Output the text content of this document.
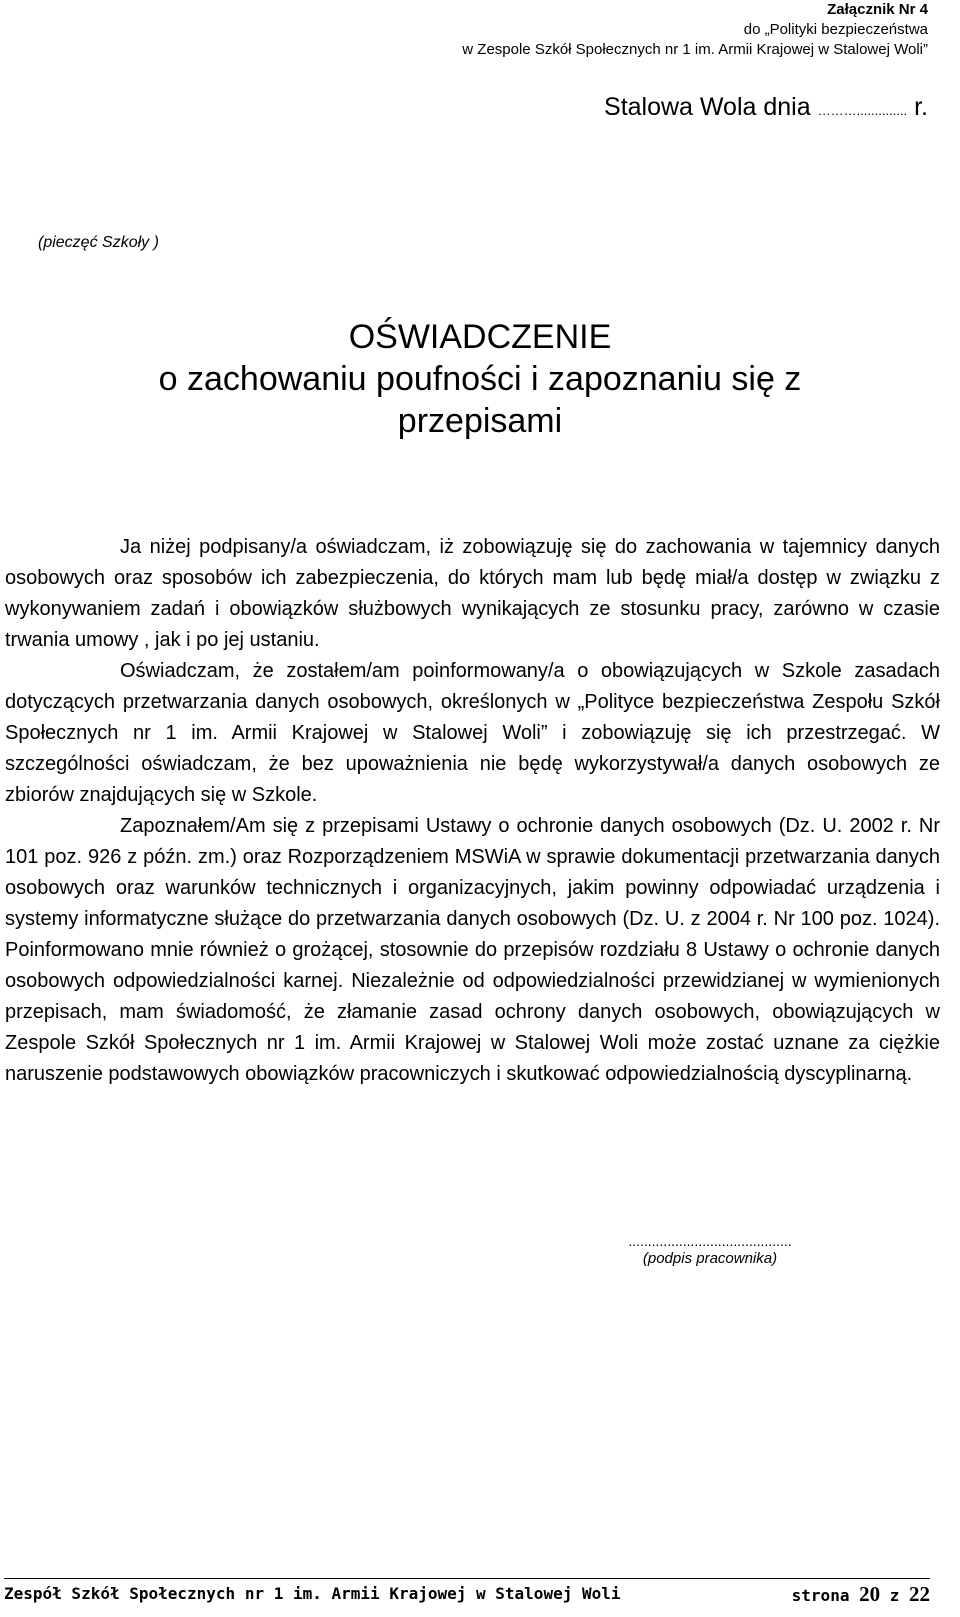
Załącznik Nr 4
do „Polityki bezpieczeństwa
w Zespole Szkół Społecznych nr 1 im. Armii Krajowej w Stalowej Woli”
Stalowa Wola dnia ……….............. r.
(pieczęć Szkoły )
OŚWIADCZENIE
o zachowaniu poufności i zapoznaniu się z
przepisami

Ja niżej podpisany/a oświadczam, iż zobowiązuję się do zachowania w tajemnicy danych osobowych oraz sposobów ich zabezpieczenia, do których mam lub będę miał/a dostęp w związku z wykonywaniem zadań i obowiązków służbowych wynikających ze stosunku pracy, zarówno w czasie trwania umowy , jak i po jej ustaniu.

Oświadczam, że zostałem/am poinformowany/a o obowiązujących w Szkole zasadach dotyczących przetwarzania danych osobowych, określonych w „Polityce bezpieczeństwa Zespołu Szkół Społecznych nr 1 im. Armii Krajowej w Stalowej Woli” i zobowiązuję się ich przestrzegać. W szczególności oświadczam, że bez upoważnienia nie będę wykorzystywał/a danych osobowych ze zbiorów znajdujących się w Szkole.

Zapoznałem/Am się z przepisami Ustawy o ochronie danych osobowych (Dz. U. 2002 r. Nr 101 poz. 926 z późn. zm.) oraz Rozporządzeniem MSWiA w sprawie dokumentacji przetwarzania danych osobowych oraz warunków technicznych i organizacyjnych, jakim powinny odpowiadać urządzenia i systemy informatyczne służące do przetwarzania danych osobowych (Dz. U. z 2004 r. Nr 100 poz. 1024). Poinformowano mnie również o grożącej, stosownie do przepisów rozdziału 8 Ustawy o ochronie danych osobowych odpowiedzialności karnej. Niezależnie od odpowiedzialności przewidzianej w wymienionych przepisach, mam świadomość, że złamanie zasad ochrony danych osobowych, obowiązujących w Zespole Szkół Społecznych nr 1 im. Armii Krajowej w Stalowej Woli może zostać uznane za ciężkie naruszenie podstawowych obowiązków pracowniczych i skutkować odpowiedzialnością dyscyplinarną.

..........................................
(podpis pracownika)
Zespół Szkół Społecznych nr 1 im. Armii Krajowej w Stalowej Woli	strona 20 z 22
